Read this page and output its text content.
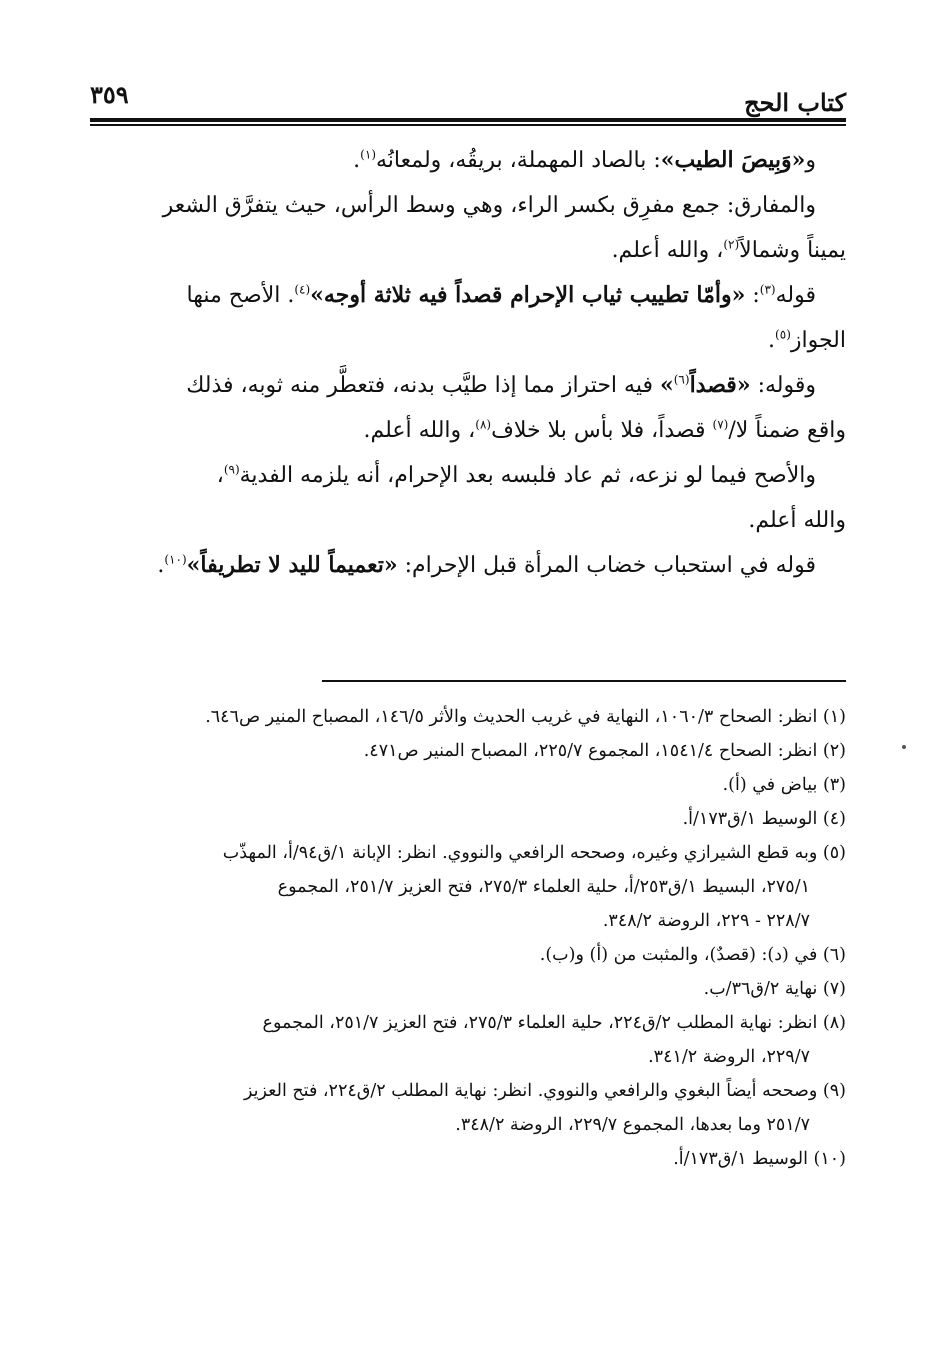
٣٥٩	كتاب الحج

و«وَبِيصَ الطيب»: بالصاد المهملة، بريقُه، ولمعانُه$^{(١)}$.

والمفارق: جمع مفرِق بكسر الراء، وهي وسط الرأس، حيث يتفرَّق الشعر
يميناً وشمالاً$^{(٢)}$، والله أعلم.

قوله$^{(٣)}$: «وأمّا تطييب ثياب الإحرام قصداً فيه ثلاثة أوجه»$^{(٤)}$. الأصح منها
الجواز$^{(٥)}$.

وقوله: «قصداً$^{(٦)}$» فيه احتراز مما إذا طيَّب بدنه، فتعطَّر منه ثوبه، فذلك
واقع ضمناً لا/$^{(٧)}$ قصداً، فلا بأس بلا خلاف$^{(٨)}$، والله أعلم.

والأصح فيما لو نزعه، ثم عاد فلبسه بعد الإحرام، أنه يلزمه الفدية$^{(٩)}$،
والله أعلم.

قوله في استحباب خضاب المرأة قبل الإحرام: «تعميماً لليد لا تطريفاً»$^{(١٠)}$.

(١) انظر: الصحاح ١٠٦٠/٣، النهاية في غريب الحديث والأثر ١٤٦/٥، المصباح المنير ص٦٤٦.
(٢) انظر: الصحاح ١٥٤١/٤، المجموع ٢٢٥/٧، المصباح المنير ص٤٧١.
(٣) بياض في (أ).
(٤) الوسيط ١/ق١٧٣/أ.
(٥) وبه قطع الشيرازي وغيره، وصححه الرافعي والنووي. انظر: الإبانة ١/ق٩٤/أ، المهذّب
٢٧٥/١، البسيط ١/ق٢٥٣/أ، حلية العلماء ٢٧٥/٣، فتح العزيز ٢٥١/٧، المجموع
٢٢٨/٧ - ٢٢٩، الروضة ٣٤٨/٢.
(٦) في (د): (قصدٌ)، والمثبت من (أ) و(ب).
(٧) نهاية ٢/ق٣٦/ب.
(٨) انظر: نهاية المطلب ٢/ق٢٢٤، حلية العلماء ٢٧٥/٣، فتح العزيز ٢٥١/٧، المجموع
٢٢٩/٧، الروضة ٣٤١/٢.
(٩) وصححه أيضاً البغوي والرافعي والنووي. انظر: نهاية المطلب ٢/ق٢٢٤، فتح العزيز
٢٥١/٧ وما بعدها، المجموع ٢٢٩/٧، الروضة ٣٤٨/٢.
(١٠) الوسيط ١/ق١٧٣/أ.
